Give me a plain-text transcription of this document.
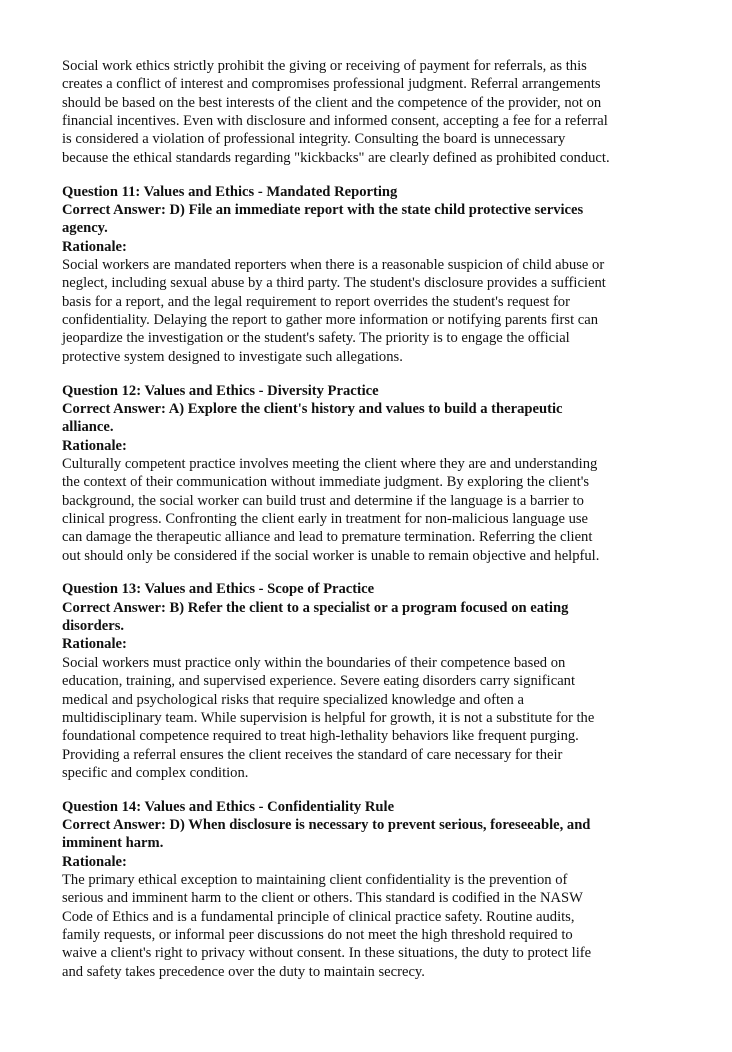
Social work ethics strictly prohibit the giving or receiving of payment for referrals, as this
creates a conflict of interest and compromises professional judgment. Referral arrangements
should be based on the best interests of the client and the competence of the provider, not on
financial incentives. Even with disclosure and informed consent, accepting a fee for a referral
is considered a violation of professional integrity. Consulting the board is unnecessary
because the ethical standards regarding "kickbacks" are clearly defined as prohibited conduct.
Question 11: Values and Ethics - Mandated Reporting
Correct Answer: D) File an immediate report with the state child protective services
agency.
Rationale:
Social workers are mandated reporters when there is a reasonable suspicion of child abuse or
neglect, including sexual abuse by a third party. The student's disclosure provides a sufficient
basis for a report, and the legal requirement to report overrides the student's request for
confidentiality. Delaying the report to gather more information or notifying parents first can
jeopardize the investigation or the student's safety. The priority is to engage the official
protective system designed to investigate such allegations.
Question 12: Values and Ethics - Diversity Practice
Correct Answer: A) Explore the client's history and values to build a therapeutic
alliance.
Rationale:
Culturally competent practice involves meeting the client where they are and understanding
the context of their communication without immediate judgment. By exploring the client's
background, the social worker can build trust and determine if the language is a barrier to
clinical progress. Confronting the client early in treatment for non-malicious language use
can damage the therapeutic alliance and lead to premature termination. Referring the client
out should only be considered if the social worker is unable to remain objective and helpful.
Question 13: Values and Ethics - Scope of Practice
Correct Answer: B) Refer the client to a specialist or a program focused on eating
disorders.
Rationale:
Social workers must practice only within the boundaries of their competence based on
education, training, and supervised experience. Severe eating disorders carry significant
medical and psychological risks that require specialized knowledge and often a
multidisciplinary team. While supervision is helpful for growth, it is not a substitute for the
foundational competence required to treat high-lethality behaviors like frequent purging.
Providing a referral ensures the client receives the standard of care necessary for their
specific and complex condition.
Question 14: Values and Ethics - Confidentiality Rule
Correct Answer: D) When disclosure is necessary to prevent serious, foreseeable, and
imminent harm.
Rationale:
The primary ethical exception to maintaining client confidentiality is the prevention of
serious and imminent harm to the client or others. This standard is codified in the NASW
Code of Ethics and is a fundamental principle of clinical practice safety. Routine audits,
family requests, or informal peer discussions do not meet the high threshold required to
waive a client's right to privacy without consent. In these situations, the duty to protect life
and safety takes precedence over the duty to maintain secrecy.
